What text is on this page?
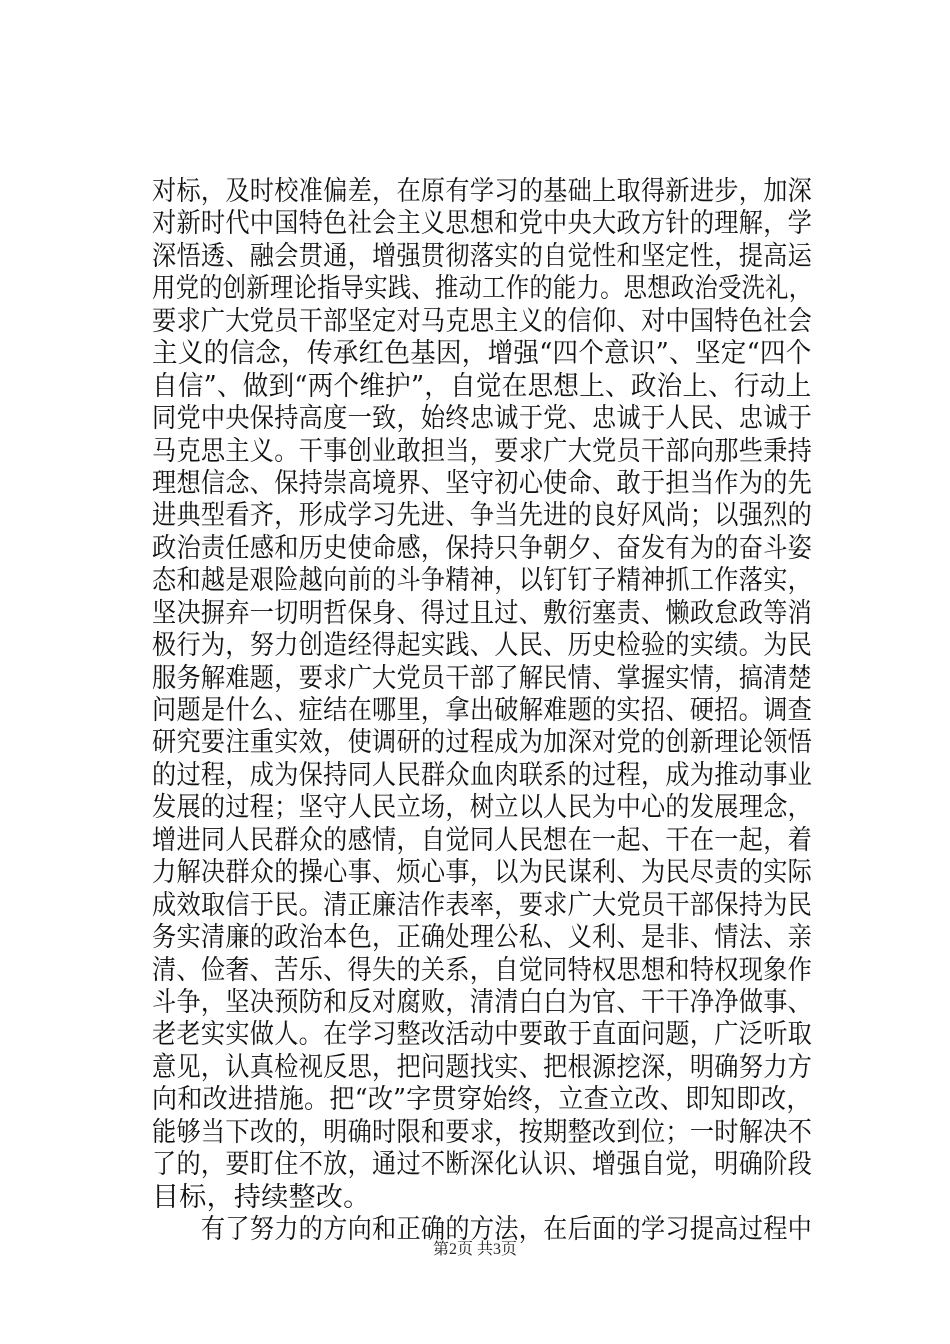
对标，及时校准偏差，在原有学习的基础上取得新进步，加深
对新时代中国特色社会主义思想和党中央大政方针的理解，学
深悟透、融会贯通，增强贯彻落实的自觉性和坚定性，提高运
用党的创新理论指导实践、推动工作的能力。思想政治受洗礼，
要求广大党员干部坚定对马克思主义的信仰、对中国特色社会
主义的信念，传承红色基因，增强“四个意识”、坚定“四个
自信”、做到“两个维护”，自觉在思想上、政治上、行动上
同党中央保持高度一致，始终忠诚于党、忠诚于人民、忠诚于
马克思主义。干事创业敢担当，要求广大党员干部向那些秉持
理想信念、保持崇高境界、坚守初心使命、敢于担当作为的先
进典型看齐，形成学习先进、争当先进的良好风尚；以强烈的
政治责任感和历史使命感，保持只争朝夕、奋发有为的奋斗姿
态和越是艰险越向前的斗争精神，以钉钉子精神抓工作落实，
坚决摒弃一切明哲保身、得过且过、敷衍塞责、懒政怠政等消
极行为，努力创造经得起实践、人民、历史检验的实绩。为民
服务解难题，要求广大党员干部了解民情、掌握实情，搞清楚
问题是什么、症结在哪里，拿出破解难题的实招、硬招。调查
研究要注重实效，使调研的过程成为加深对党的创新理论领悟
的过程，成为保持同人民群众血肉联系的过程，成为推动事业
发展的过程；坚守人民立场，树立以人民为中心的发展理念，
增进同人民群众的感情，自觉同人民想在一起、干在一起，着
力解决群众的操心事、烦心事，以为民谋利、为民尽责的实际
成效取信于民。清正廉洁作表率，要求广大党员干部保持为民
务实清廉的政治本色，正确处理公私、义利、是非、情法、亲
清、俭奢、苦乐、得失的关系，自觉同特权思想和特权现象作
斗争，坚决预防和反对腐败，清清白白为官、干干净净做事、
老老实实做人。在学习整改活动中要敢于直面问题，广泛听取
意见，认真检视反思，把问题找实、把根源挖深，明确努力方
向和改进措施。把“改”字贯穿始终，立查立改、即知即改，
能够当下改的，明确时限和要求，按期整改到位；一时解决不
了的，要盯住不放，通过不断深化认识、增强自觉，明确阶段
目标，持续整改。
　　有了努力的方向和正确的方法，在后面的学习提高过程中
第2页 共3页
